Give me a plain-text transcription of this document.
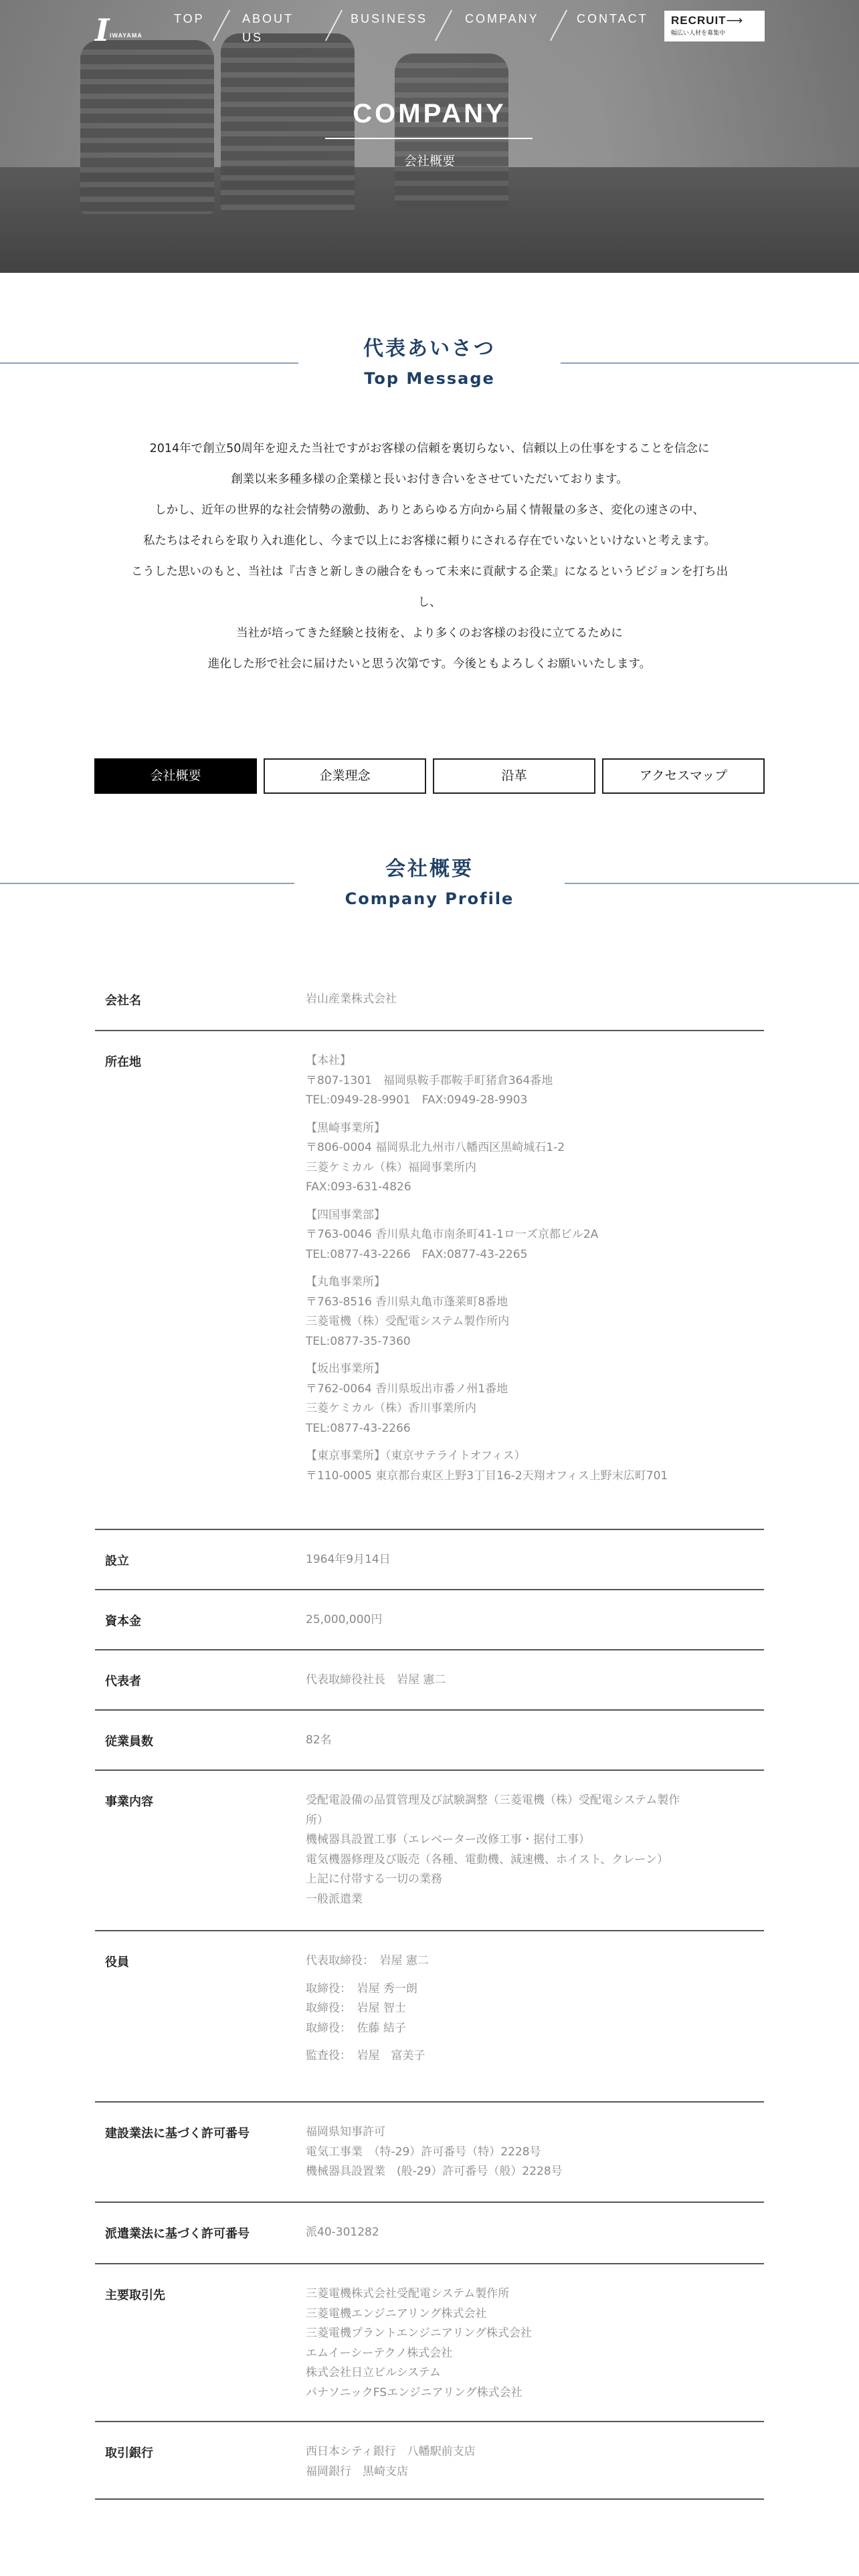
I IWAYAMA
TOP	ABOUT
US
BUSINESS	COMPANY	CONTACT RECRUIT⟶
幅広い人材を募集中
COMPANY
会社概要
代表あいさつ
Top Message
2014年で創立50周年を迎えた当社ですがお客様の信頼を裏切らない、信頼以上の仕事をすることを信念に
創業以来多種多様の企業様と長いお付き合いをさせていただいております。
しかし、近年の世界的な社会情勢の激動、ありとあらゆる方向から届く情報量の多さ、変化の速さの中、
私たちはそれらを取り入れ進化し、今まで以上にお客様に頼りにされる存在でいないといけないと考えます。
こうした思いのもと、当社は『古きと新しきの融合をもって未来に貢献する企業』になるというビジョンを打ち出
し、
当社が培ってきた経験と技術を、より多くのお客様のお役に立てるために
進化した形で社会に届けたいと思う次第です。今後ともよろしくお願いいたします。
会社概要	企業理念	沿革	アクセスマップ
会社概要
Company Profile
会社名	岩山産業株式会社
所在地	【本社】
〒807-1301　福岡県鞍手郡鞍手町猪倉364番地
TEL:0949-28-9901　FAX:0949-28-9903
【黒崎事業所】
〒806-0004 福岡県北九州市八幡西区黒崎城石1-2
三菱ケミカル（株）福岡事業所内
FAX:093-631-4826
【四国事業部】
〒763-0046 香川県丸亀市南条町41-1ロ一ズ京都ビル2A
TEL:0877-43-2266　FAX:0877-43-2265
【丸亀事業所】
〒763-8516 香川県丸亀市蓬莱町8番地
三菱電機（株）受配電システム製作所内
TEL:0877-35-7360
【坂出事業所】
〒762-0064 香川県坂出市番ノ州1番地
三菱ケミカル（株）香川事業所内
TEL:0877-43-2266
【東京事業所】（東京サテライトオフィス）
〒110-0005 東京都台東区上野3丁目16-2天翔オフィス上野末広町701
設立	1964年9月14日
資本金	25,000,000円
代表者	代表取締役社長　岩屋 憲二
従業員数	82名
事業内容	受配電設備の品質管理及び試験調整（三菱電機（株）受配電システム製作
所）
機械器具設置工事（エレベーター改修工事・据付工事）
電気機器修理及び販売（各種、電動機、減速機、ホイスト、クレーン）
上記に付帯する一切の業務
一般派遣業
役員	代表取締役：　岩屋 憲二
取締役：　岩屋 秀一朗
取締役：　岩屋 智士
取締役：　佐藤 結子
監査役：　岩屋　富美子
建設業法に基づく許可番号	福岡県知事許可
電気工事業　（特-29）許可番号（特）2228号
機械器具設置業　(般-29）許可番号（般）2228号
派遣業法に基づく許可番号	派40-301282
主要取引先	三菱電機株式会社受配電システム製作所
三菱電機エンジニアリング株式会社
三菱電機プラントエンジニアリング株式会社
エムイーシーテクノ株式会社
株式会社日立ビルシステム
パナソニックFSエンジニアリング株式会社
取引銀行	西日本シティ銀行　八幡駅前支店
福岡銀行　黒崎支店
